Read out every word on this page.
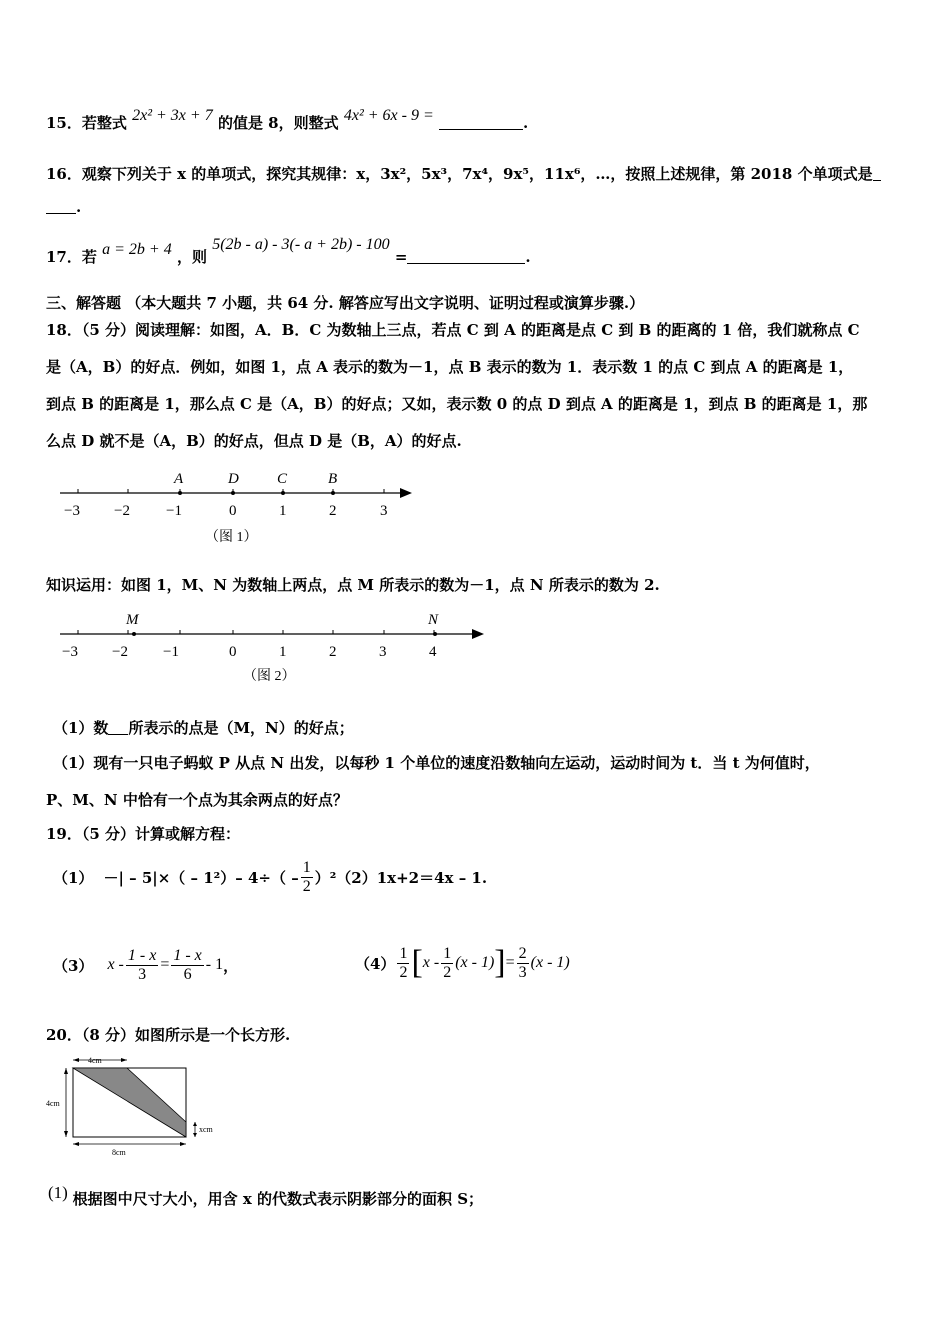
15．若整式 2x² + 3x + 7 的值是 8，则整式 4x² + 6x - 9 =	.
16．观察下列关于 x 的单项式，探究其规律：x，3x²，5x³，7x⁴，9x⁵，11x⁶，…，按照上述规律，第 2018 个单项式是
.
17．若 a = 2b + 4 ，则 5(2b - a) - 3(- a + 2b) - 100 =	.
三、解答题 （本大题共 7 小题，共 64 分. 解答应写出文字说明、证明过程或演算步骤.）
18．（5 分）阅读理解：如图，A．B．C 为数轴上三点，若点 C 到 A 的距离是点 C 到 B 的距离的 1 倍，我们就称点 C
是（A，B）的好点．例如，如图 1，点 A 表示的数为－1，点 B 表示的数为 1．表示数 1 的点 C 到点 A 的距离是 1，
到点 B 的距离是 1，那么点 C 是（A，B）的好点；又如，表示数 0 的点 D 到点 A 的距离是 1，到点 B 的距离是 1，那
么点 D 就不是（A，B）的好点，但点 D 是（B，A）的好点.
A	D	C	B
−3 −2 −1	0	1	2	3
（图 1）
知识运用：如图 1，M、N 为数轴上两点，点 M 所表示的数为－1，点 N 所表示的数为 2.
M	N
−3 −2 −1	0	1	2	3	4
（图 2）
（1）数 所表示的点是（M，N）的好点；
（1）现有一只电子蚂蚁 P 从点 N 出发，以每秒 1 个单位的速度沿数轴向左运动，运动时间为 t．当 t 为何值时，
P、M、N 中恰有一个点为其余两点的好点？
19．（5 分）计算或解方程：
（1） －| – 5|×（ – 1²）– $4\div( - \frac{1}{2} )^2$ （2）1x+2＝4x – 1.
（3） $x - \frac{1 - x}{3} = \frac{1 - x}{6} - 1$ ，	$(4) \frac{1}{2}$ [ x - $\frac{1}{2} (x - 1)$ ] = $\frac{2}{3} (x - 1)$
20．（8 分）如图所示是一个长方形.
4cm
4cm
xcm
8cm
(1) 根据图中尺寸大小，用含 x 的代数式表示阴影部分的面积 S；
